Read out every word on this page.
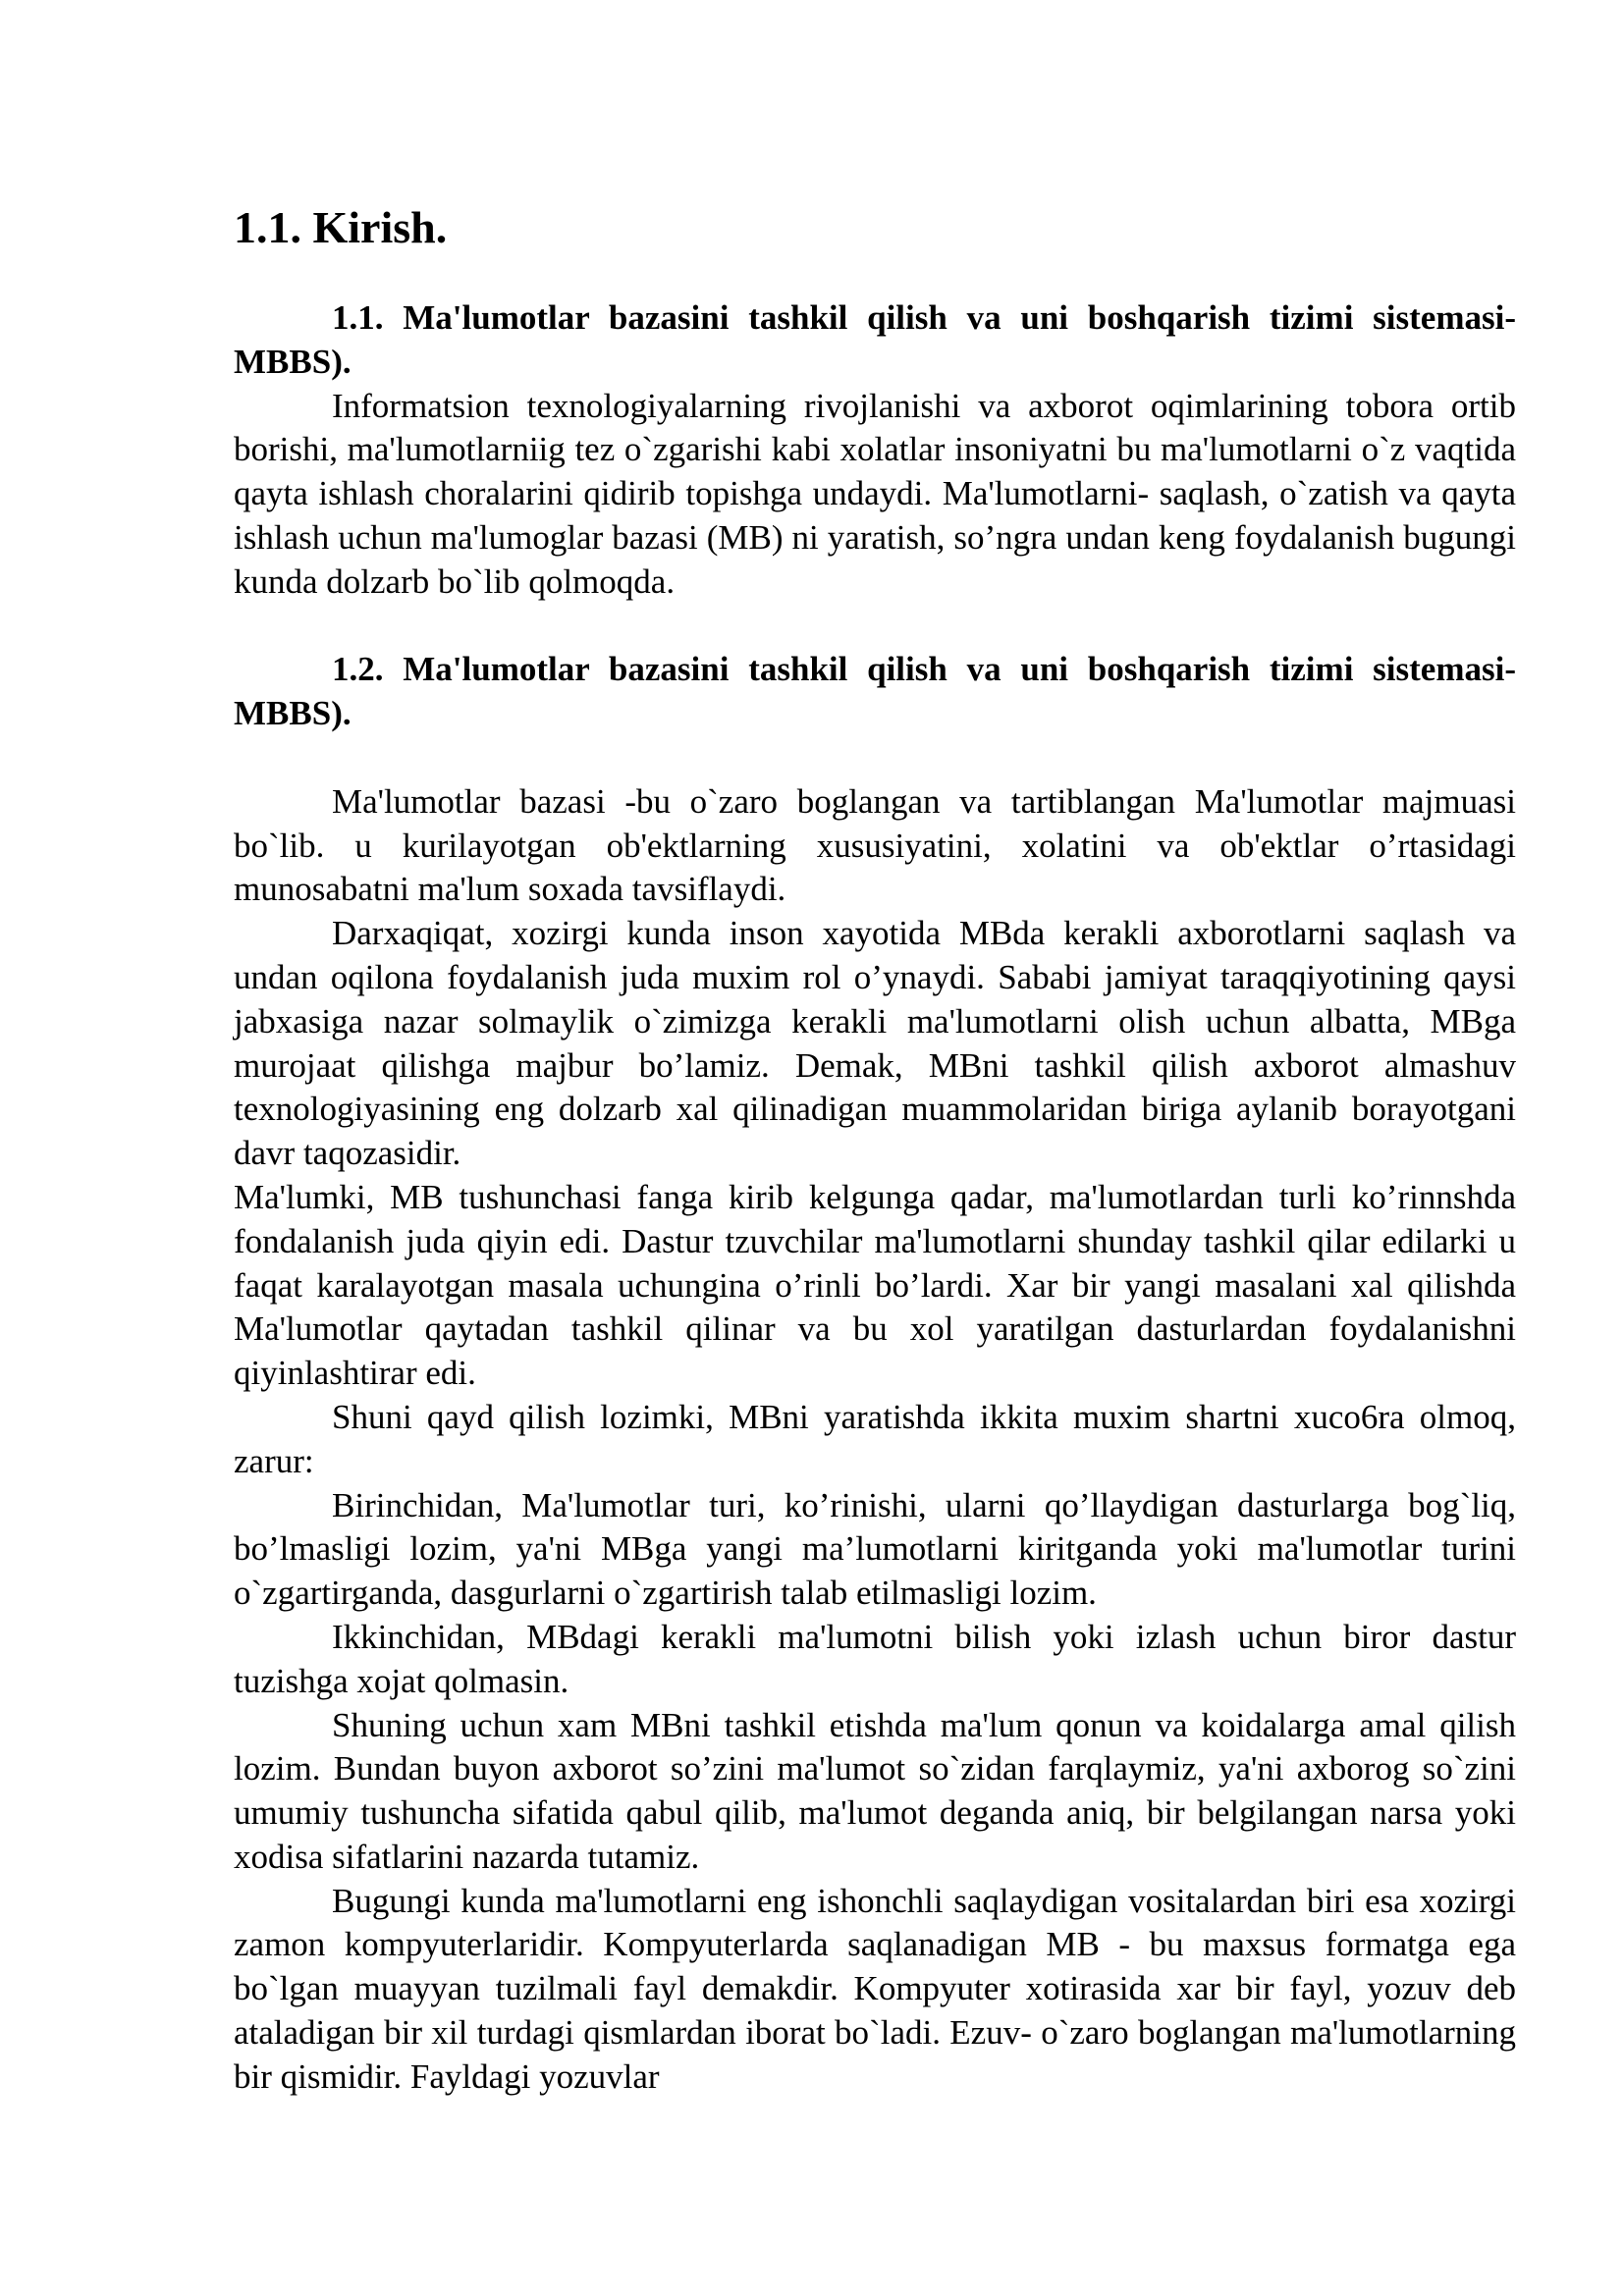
1.1. Kirish.

1.1. Ma'lumotlar bazasini tashkil qilish va uni boshqarish tizimi sistemasi-MBBS).

Informatsion texnologiyalarning rivojlanishi va axborot oqimlarining tobora ortib borishi, ma'lumotlarniig tez o`zgarishi kabi xolatlar insoniyatni bu ma'lumotlarni o`z vaqtida qayta ishlash choralarini qidirib topishga undaydi. Ma'lumotlarni- saqlash, o`zatish va qayta ishlash uchun ma'lumoglar bazasi (MB) ni yaratish, so’ngra undan keng foydalanish bugungi kunda dolzarb bo`lib qolmoqda.

1.2. Ma'lumotlar bazasini tashkil qilish va uni boshqarish tizimi sistemasi-MBBS).

Ma'lumotlar bazasi -bu o`zaro boglangan va tartiblangan Ma'lumotlar majmuasi bo`lib. u kurilayotgan ob'ektlarning xususiyatini, xolatini va ob'ektlar o’rtasidagi munosabatni ma'lum soxada tavsiflaydi.

Darxaqiqat, xozirgi kunda inson xayotida MBda kerakli axborotlarni saqlash va undan oqilona foydalanish juda muxim rol o’ynaydi. Sababi jamiyat taraqqiyotining qaysi jabxasiga nazar solmaylik o`zimizga kerakli ma'lumotlarni olish uchun albatta, MBga murojaat qilishga majbur bo’lamiz. Demak, MBni tashkil qilish axborot almashuv texnologiyasining eng dolzarb xal qilinadigan muammolaridan biriga aylanib borayotgani davr taqozasidir.

Ma'lumki, MB tushunchasi fanga kirib kelgunga qadar, ma'lumotlardan turli ko’rinnshda fondalanish juda qiyin edi. Dastur tzuvchilar ma'lumotlarni shunday tashkil qilar edilarki u faqat karalayotgan masala uchungina o’rinli bo’lardi. Xar bir yangi masalani xal qilishda Ma'lumotlar qaytadan tashkil qilinar va bu xol yaratilgan dasturlardan foydalanishni qiyinlashtirar edi.

Shuni qayd qilish lozimki, MBni yaratishda ikkita muxim shartni xuco6ra olmoq, zarur:

Birinchidan, Ma'lumotlar turi, ko’rinishi, ularni qo’llaydigan dasturlarga bog`liq, bo’lmasligi lozim, ya'ni MBga yangi ma’lumotlarni kiritganda yoki ma'lumotlar turini o`zgartirganda, dasgurlarni o`zgartirish talab etilmasligi lozim.

Ikkinchidan, MBdagi kerakli ma'lumotni bilish yoki izlash uchun biror dastur tuzishga xojat qolmasin.

Shuning uchun xam MBni tashkil etishda ma'lum qonun va koidalarga amal qilish lozim. Bundan buyon axborot so’zini ma'lumot so`zidan farqlaymiz, ya'ni axborog so`zini umumiy tushuncha sifatida qabul qilib, ma'lumot deganda aniq, bir belgilangan narsa yoki xodisa sifatlarini nazarda tutamiz.

Bugungi kunda ma'lumotlarni eng ishonchli saqlaydigan vositalardan biri esa xozirgi zamon kompyuterlaridir. Kompyuterlarda saqlanadigan MB - bu maxsus formatga ega bo`lgan muayyan tuzilmali fayl demakdir. Kompyuter xotirasida xar bir fayl, yozuv deb ataladigan bir xil turdagi qismlardan iborat bo`ladi. Ezuv- o`zaro boglangan ma'lumotlarning bir qismidir. Fayldagi yozuvlar
